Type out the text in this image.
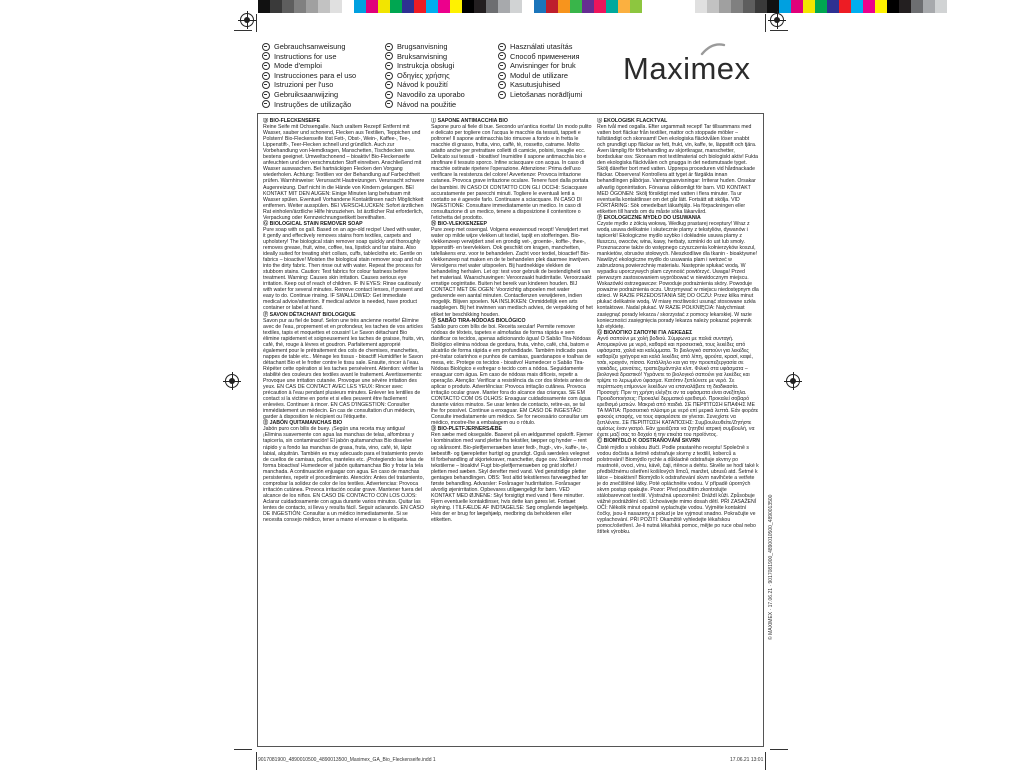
Gebrauchsanweisung
Instructions for use
Mode d'emploi
Instrucciones para el uso
Istruzioni per l'uso
Gebruiksaanwijzing
Instruções de utilização
Brugsanvisning
Bruksanvisning
Instrukcja obsługi
Οδηγίες χρήσης
Návod k použití
Navodilo za uporabo
Návod na použitie
Használati utasítás
Способ применения
Anvisninger for bruk
Modul de utilizare
Kasutusjuhised
Lietošanas norādījumi
Maximex

Ⓓ BIO-FLECKENSEIFE
Reine Seife mit Ochsengalle. Nach uraltem Rezept! Entfernt mit Wasser, sauber und schonend, Flecken aus Textilien, Teppichen und Polstern! Bio-Fleckenseife löst Fett-, Obst-, Wein-, Kaffee-, Tee-, Lippenstift-, Teer-Flecken schnell und gründlich. Auch zur Vorbehandlung von Hemdkragen, Manschetten, Tischdecken usw. bestens geeignet. Umweltschonend – bioaktiv! Bio-Fleckenseife anfeuchten und den verschmutzten Stoff einreiben. Anschließend mit Wasser auswaschen. Bei hartnäckigen Flecken den Vorgang wiederholen. Achtung: Textilien vor der Behandlung auf Farbechtheit prüfen. Warnhinweise: Verursacht Hautreizungen. Verursacht schwere Augenreizung. Darf nicht in die Hände von Kindern gelangen. BEI KONTAKT MIT DEN AUGEN: Einige Minuten lang behutsam mit Wasser spülen. Eventuell Vorhandene Kontaktlinsen nach Möglichkeit entfernen. Weiter ausspülen. BEI VERSCHLUCKEN: Sofort ärztlichen Rat einholen/ärztliche Hilfe hinzuziehen. Ist ärztlicher Rat erforderlich, Verpackung oder Kennzeichnungsetikett bereithalten.

Ⓖ BIOLOGICAL STAIN REMOVER SOAP
Pure soap with ox gall. Based on an age-old recipe! Used with water, it gently and effectively removes stains from textiles, carpets and upholstery! The biological stain remover soap quickly and thoroughly removes grease, fruit, wine, coffee, tea, lipstick and tar stains. Also ideally suited for treating shirt collars, cuffs, tablecloths etc. Gentle on fabrics – bioactive! Moisten the biological stain remover soap and rub into the dirty fabric. Then rinse out with water. Repeat the process for stubborn stains. Caution: Test fabrics for colour fastness before treatment. Warning: Causes skin irritation. Causes serious eye irritation. Keep out of reach of children. IF IN EYES: Rinse cautiously with water for several minutes. Remove contact lenses, if present and easy to do. Continue rinsing. IF SWALLOWED: Get immediate medical advice/attention. If medical advice is needed, have product container or label at hand.

Ⓕ SAVON DÉTACHANT BIOLOGIQUE
Savon pur au fiel de bœuf. Selon une très ancienne recette! Élimine avec de l'eau, proprement et en profondeur, les taches de vos articles textiles, tapis et moquettes et coussin! Le Savon détachant Bio élimine rapidement et soigneusement les taches de graisse, fruits, vin, café, thé, rouge à lèvres et goudron. Parfaitement approprié également pour le prétraitement des cols de chemises, manchettes, nappes de table etc.. Ménage les tissus - bioactif! Humidifier le Savon détachant Bio et le frotter contre le tissu sale. Ensuite, rincer à l'eau. Répéter cette opération si les taches persévèrent. Attention: vérifier la stabilité des couleurs des textiles avant le traitement. Avertissements: Provoque une irritation cutanée. Provoque une sévère irritation des yeux. EN CAS DE CONTACT AVEC LES YEUX: Rincer avec précaution à l'eau pendant plusieurs minutes. Enlever les lentilles de contact si la victime en porte et si elles peuvent être facilement enlevées. Continuer à rincer. EN CAS D'INGESTION: Consulter immédiatement un médecin. En cas de consultation d'un médecin, garder à disposition le récipient ou l'étiquette.

Ⓔ JABÓN QUITAMANCHAS BIO
Jabón puro con bilis de buey. ¡Según una receta muy antigua! ¡Elimina suavemente con agua las manchas de telas, alfombras y tapicería, sin contaminación! El jabón quitamanchas Bio disuelve rápido y a fondo las manchas de grasa, fruta, vino, café, té, lápiz labial, alquitrán. También es muy adecuado para el tratamiento previo de cuellos de camisas, puños, manteles etc. ¡Protegiendo las telas de forma bioactiva! Humedecer el jabón quitamanchas Bio y frotar la tela manchada. A continuación enjuagar con agua. En caso de manchas persistentes, repetir el procedimiento. Atención: Antes del tratamiento, comprobar la solidez de color de los textiles. Advertencias: Provoca irritación cutánea. Provoca irritación ocular grave. Mantener fuera del alcance de los niños. EN CASO DE CONTACTO CON LOS OJOS: Aclarar cuidadosamente con agua durante varios minutos. Quitar las lentes de contacto, si lleva y resulta fácil. Seguir aclarando. EN CASO DE INGESTIÓN: Consultar a un médico inmediatamente. Si se necesita consejo médico, tener a mano el envase o la etiqueta.

Ⓘ SAPONE ANTIMACCHIA BIO
Sapone puro al fiele di bue. Secondo un'antica ricetta! Un modo pulito e delicato per togliere con l'acqua le macchie da tessuti, tappeti e poltrone! Il sapone antimacchia bio rimuove a fondo e in fretta le macchie di grasso, frutta, vino, caffè, tè, rossetto, catrame. Molto adatto anche per pretrattare colletti di camicie, polsini, tovaglie ecc. Delicato sui tessuti - bioattivo! Inumidire il sapone antimacchia bio e strofinare il tessuto sporco. Infine sciacquare con acqua. In caso di macchie ostinate ripetere l'operazione. Attenzione: Prima dell'uso verificare la resistenza del colore! Avvertenze: Provoca irritazione cutanea. Provoca grave irritazione oculare. Tenere fuori dalla portata dei bambini. IN CASO DI CONTATTO CON GLI OCCHI: Sciacquare accuratamente per parecchi minuti. Togliere le eventuali lenti a contatto se è agevole farlo. Continuare a sciacquare. IN CASO DI INGESTIONE: Consultare immediatamente un medico. In caso di consultazione di un medico, tenere a disposizione il contenitore o l'etichetta del prodotto.

Ⓝ BIO-VLEKKENZEEP
Pure zeep met ossengal. Volgens eeuwenoud recept! Verwijdert met water op milde wijze vlekken uit textiel, tapijt en stofferingen. Bio-vlekkenzeep verwijdert snel en grondig vet-, groente-, koffie-, thee-, lippenstift- en teervlekken. Ook geschikt om kragen, manchetten, tafellakens enz. voor te behandelen. Zacht voor textiel, bioactief! Bio-vlekkenzeep nat maken en de te behandelen plek daarmee inwrijven. Vervolgens met water uitspoelen. Bij hardnekkige vlekken de behandeling herhalen. Let op: test voor gebruik de bestendigheid van het materiaal. Waarschuwingen: Veroorzaakt huidirritatie. Veroorzaakt ernstige oogirritatie. Buiten het bereik van kinderen houden. BIJ CONTACT MET DE OGEN: Voorzichtig afspoelen met water gedurende een aantal minuten. Contactlenzen verwijderen, indien mogelijk. Blijven spoelen. NA INSLIKKEN: Onmiddellijk een arts raadplegen. Bij het inwinnen van medisch advies, de verpakking of het etiket ter beschikking houden.

Ⓟ SABÃO TIRA-NÓDOAS BIOLÓGICO
Sabão puro com bílis de boi. Receita secular! Permite remover nódoas de têxteis, tapetes e almofadas de forma rápida e sem danificar os tecidos, apenas adicionando água! O Sabão Tira-Nódoas Biológico elimina nódoas de gordura, fruta, vinho, café, chá, batom e alcatrão de forma rápida e em profundidade. Também indicado para pré-tratar colarinhos e punhos de camisas, guardanapos e toalhas de mesa, etc. Protege os tecidos - bioativo! Humedecer o Sabão Tira-Nódoas Biológico e esfregar o tecido com a nódoa. Seguidamente enxaguar com água. Em caso de nódoas mais difíceis, repetir a operação. Atenção: Verificar a resistência da cor dos têxteis antes de aplicar o produto. Advertências: Provoca irritação cutânea. Provoca irritação ocular grave. Manter fora do alcance das crianças. SE EM CONTACTO COM OS OLHOS: Enxaguar cuidadosamente com água durante vários minutos. Se usar lentes de contacto, retire-as, se tal lhe for possível. Continue a enxaguar. EM CASO DE INGESTÃO: Consulte imediatamente um médico. Se for necessário consultar um médico, mostre-lhe a embalagem ou o rótulo.

Ⓓ BIO-PLETFJERNERSÆBE
Ren sæbe med oksegalde. Baseret på en ældgammel opskrift. Fjerner i kombination med vand pletter fra tekstiler, tæpper og hynder – rent og skånsomt. Bio-pletfjernersæben løser fedt-, frugt-, vin-, kaffe-, te-, læbestift- og tjærepletter hurtigt og grundigt. Også særdeles velegnet til forbehandling af skjortekraver, manchetter, duge osv. Skånsom mod tekstilerne – bioaktiv! Fugt bio-pletfjernersæben og gnid stoffet / pletten med sæben. Skyl derefter med vand. Ved genstridige pletter gentages behandlingen. OBS: Test altid tekstilernes farveægthed før første behandling. Advarsler: Forårsager hudirritation. Forårsager alvorlig øjenirritation. Opbevares utilgængeligt for børn. VED KONTAKT MED ØJNENE: Skyl forsigtigt med vand i flere minutter. Fjern eventuelle kontaktlinser, hvis dette kan gøres let. Fortsæt skylning. I TILFÆLDE AF INDTAGELSE: Søg omgående lægehjælp. Hvis der er brug for lægehjælp, medbring da beholderen eller etiketten.

Ⓢ EKOLOGISK FLÄCKTVÅL
Ren tvål med oxgalla. Efter urgammalt recept! Tar tillsammans med vatten bort fläckar från textilier, mattor och stoppade möbler – fullständigt och skonsamt! Den ekologiska fläcktvålen löser snabbt och grundligt upp fläckar av fett, frukt, vin, kaffe, te, läppstift och tjära. Även lämplig för förbehandling av skjortkragar, manschetter, bordsdukar osv. Skonsam mot textilmaterial och biologiskt aktiv! Fukta den ekologiska fläcktvålen och gnugga in det nedsmutsade tyget. Skölj därefter bort med vatten. Upprepa proceduren vid hårdnackade fläckar. Observera! Kontrollera att tyget är färgäkta innan behandlingen påbörjas. Varningsanvisningar: Irriterar huden. Orsakar allvarlig ögonirritation. Förvaras oåtkomligt för barn. VID KONTAKT MED ÖGONEN: Skölj försiktigt med vatten i flera minuter. Ta ur eventuella kontaktlinser om det går lätt. Fortsätt att skölja. VID FÖRTÄRING: Sök omedelbart läkarhjälp. Ha förpackningen eller etiketten till hands om du måste söka läkarvård.

Ⓟ EKOLOGICZNE MYDŁO DO USUWANIA
Czyste mydło z żółcią wołową. Według prastarej receptury! Wraz z wodą usuwa delikatnie i skutecznie plamy z tekstyliów, dywanów i tapicerki! Ekologiczne mydło szybko i dokładnie usuwa plamy z tłuszczu, owoców, wina, kawy, herbaty, szminki do ust lub smoły. Przeznaczone także do wstępnego czyszczenia kołnierzyków koszul, mankietów, obrusów stołowych. Nieszkodliwe dla tkanin - bioaktywne! Nawilżyć ekologiczne mydło do usuwania plam i wetrzeć w zabrudzoną powierzchnię materiału. Następnie spłukać wodą. W wypadku uporczywych plam czynność powtórzyć. Uwaga! Przed pierwszym zastosowaniem wypróbować w niewidocznym miejscu. Wskazówki ostrzegawcze: Powoduje podrażnienia skóry. Powoduje poważne podrażnienia oczu. Utrzymywać w miejscu niedostępnym dla dzieci. W RAZIE PRZEDOSTANIA SIĘ DO OCZU: Przez kilka minut płukać delikatnie wodą. W miarę możliwości usunąć stosowane szkła kontaktowe. Nadal płukać. W RAZIE POŁKNIĘCIA: Natychmiast zasięgnąć porady lekarza / skorzystać z pomocy lekarskiej. W razie konieczności zasięgnięcia porady lekarza należy pokazać pojemnik lub etykietę.

Ⓖ ΒΙΟΛΟΓΙΚΟ ΣΑΠΟΥΝΙ ΓΙΑ ΛΕΚΕΔΕΣ
Αγνό σαπούνι με χολή βοδιού. Σύμφωνα με παλιά συνταγή. Απομακρύνει με νερό, καθαρά και προσεκτικά, τους λεκέδες από υφάσματα, χαλιά και καλύμματα. Το βιολογικό σαπούνι για λεκέδες καθαρίζει γρήγορα και καλά λεκέδες από λίπη, φρούτα, κρασί, καφέ, τσάι, κραγιόν, πίσσα. Κατάλληλο και για την προεπεξεργασία σε γιακάδες, μανσέτες, τραπεζομάντηλα κλπ. Φιλικό στα υφάσματα – βιολογικά δραστικό! Υγράνετε το βιολογικό σαπούνι για λεκέδες και τρίψτε το λερωμένο ύφασμα. Κατόπιν ξεπλύνετε με νερό. Σε περίπτωση επίμονων λεκέδων να επαναλάβετε τη διαδικασία. Προσοχή: Πριν τη χρήση ελέγξτε αν τα υφάσματα είναι ανεξίτηλα. Προειδοποιήσεις: Προκαλεί δερματικό ερεθισμό. Προκαλεί σοβαρό ερεθισμό ματιών. Μακριά από παιδιά. ΣΕ ΠΕΡΙΠΤΩΣΗ ΕΠΑΦΗΣ ΜΕ ΤΑ ΜΑΤΙΑ: Προσεκτικό πλύσιμο με νερό επί μερικά λεπτά. Εάν φοράτε φακούς επαφής, να τους αφαιρέσετε αν γίνεται. Συνεχίστε να ξεπλένετε. ΣΕ ΠΕΡΙΠΤΩΣΗ ΚΑΤΑΠΟΣΗΣ: Συμβουλευθείτε/Ζητήστε αμέσως έναν γιατρό. Εάν χρειάζεται να ζητηθεί ιατρική συμβουλή, να έχετε μαζί σας το δοχείο ή την ετικέτα του προϊόντος.

Ⓒ BIOMÝDLO K ODSTRAŇOVÁNÍ SKVRN
Čisté mýdlo s volskou žlučí. Podle prastarého receptu! Společně s vodou dočista a šetrně odstraňuje skvrny z textilií, koberců a polstrování! Biomýdlo rychle a důkladně odstraňuje skvrny po mastnotě, ovoci, vínu, kávě, čaji, rtěnce a dehtu. Skvěle se hodí také k předběžnému ošetření košilových límců, manžet, ubrusů atd. Šetrné k látce – bioaktivní! Biomýdlo k odstraňování skvrn navlhčete a vetřete je do znečištěné látky. Poté opláchněte vodou. V případě úporných skvrn postup opakujte. Pozor: Před použitím zkontrolujte stálobarevnost textilií. Výstražná upozornění: Dráždí kůži. Způsobuje vážné podráždění očí. Uchovávejte mimo dosah dětí. PŘI ZASAŽENÍ OČÍ: Několik minut opatrně vyplachujte vodou. Vyjměte kontaktní čočky, jsou-li nasazeny a pokud je lze vyjmout snadno. Pokračujte ve vyplachování. PŘI POŽITÍ: Okamžitě vyhledejte lékařskou pomoc/ošetření. Je-li nutná lékařská pomoc, mějte po ruce obal nebo štítek výrobku.

9017081900_4890010500_4890013500_Maximex_GA_Bio_Fleckenseife.indd 1	17.06.21 13:01
© MAXIMEX · 17.06.21 · 9017081900_4890010500_4890013500
